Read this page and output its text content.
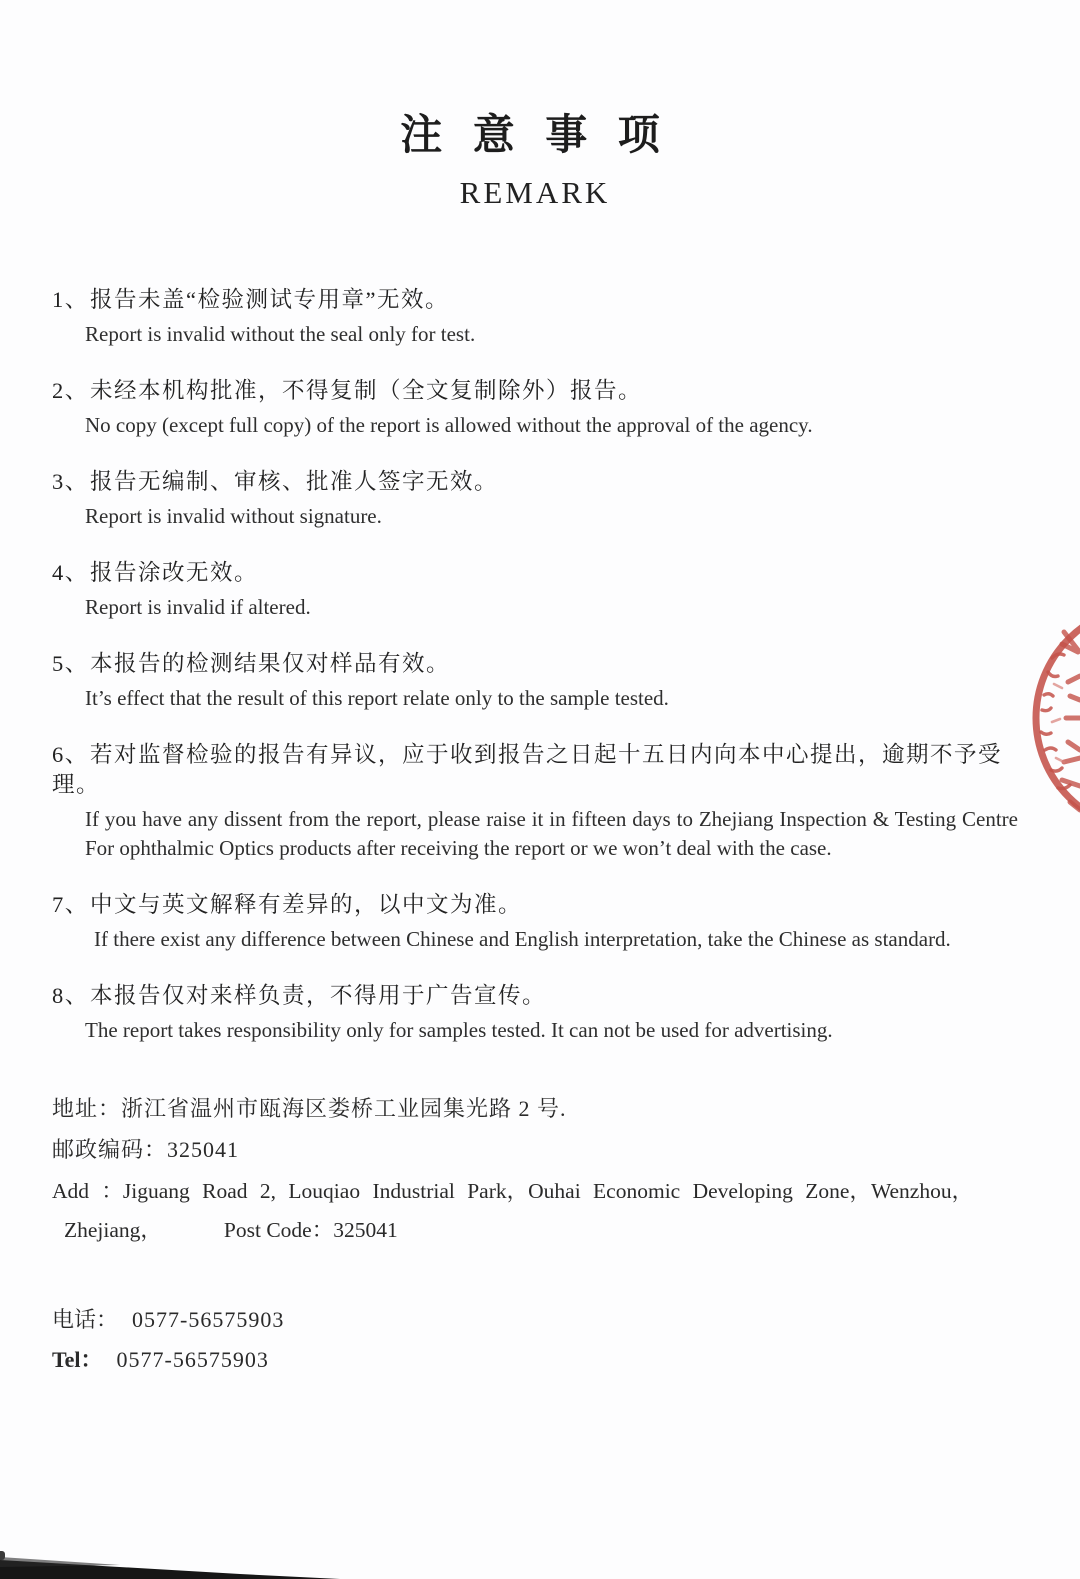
注 意 事 项
REMARK
1、报告未盖“检验测试专用章”无效。
Report is invalid without the seal only for test.
2、未经本机构批准，不得复制（全文复制除外）报告。
No copy (except full copy) of the report is allowed without the approval of the agency.
3、报告无编制、审核、批准人签字无效。
Report is invalid without signature.
4、报告涂改无效。
Report is invalid if altered.
5、本报告的检测结果仅对样品有效。
It’s effect that the result of this report relate only to the sample tested.
6、若对监督检验的报告有异议，应于收到报告之日起十五日内向本中心提出，逾期不予受理。
If you have any dissent from the report, please raise it in fifteen days to Zhejiang Inspection & Testing Centre For ophthalmic Optics products after receiving the report or we won’t deal with the case.
7、中文与英文解释有差异的，以中文为准。
If there exist any difference between Chinese and English interpretation, take the Chinese as standard.
8、本报告仅对来样负责，不得用于广告宣传。
The report takes responsibility only for samples tested. It can not be used for advertising.
地址：浙江省温州市瓯海区娄桥工业园集光路 2 号.
邮政编码：325041
Add ：Jiguang Road 2, Louqiao Industrial Park，Ouhai Economic Developing Zone，Wenzhou，
Zhejiang，	Post Code：325041
电话： 0577-56575903
Tel： 0577-56575903
